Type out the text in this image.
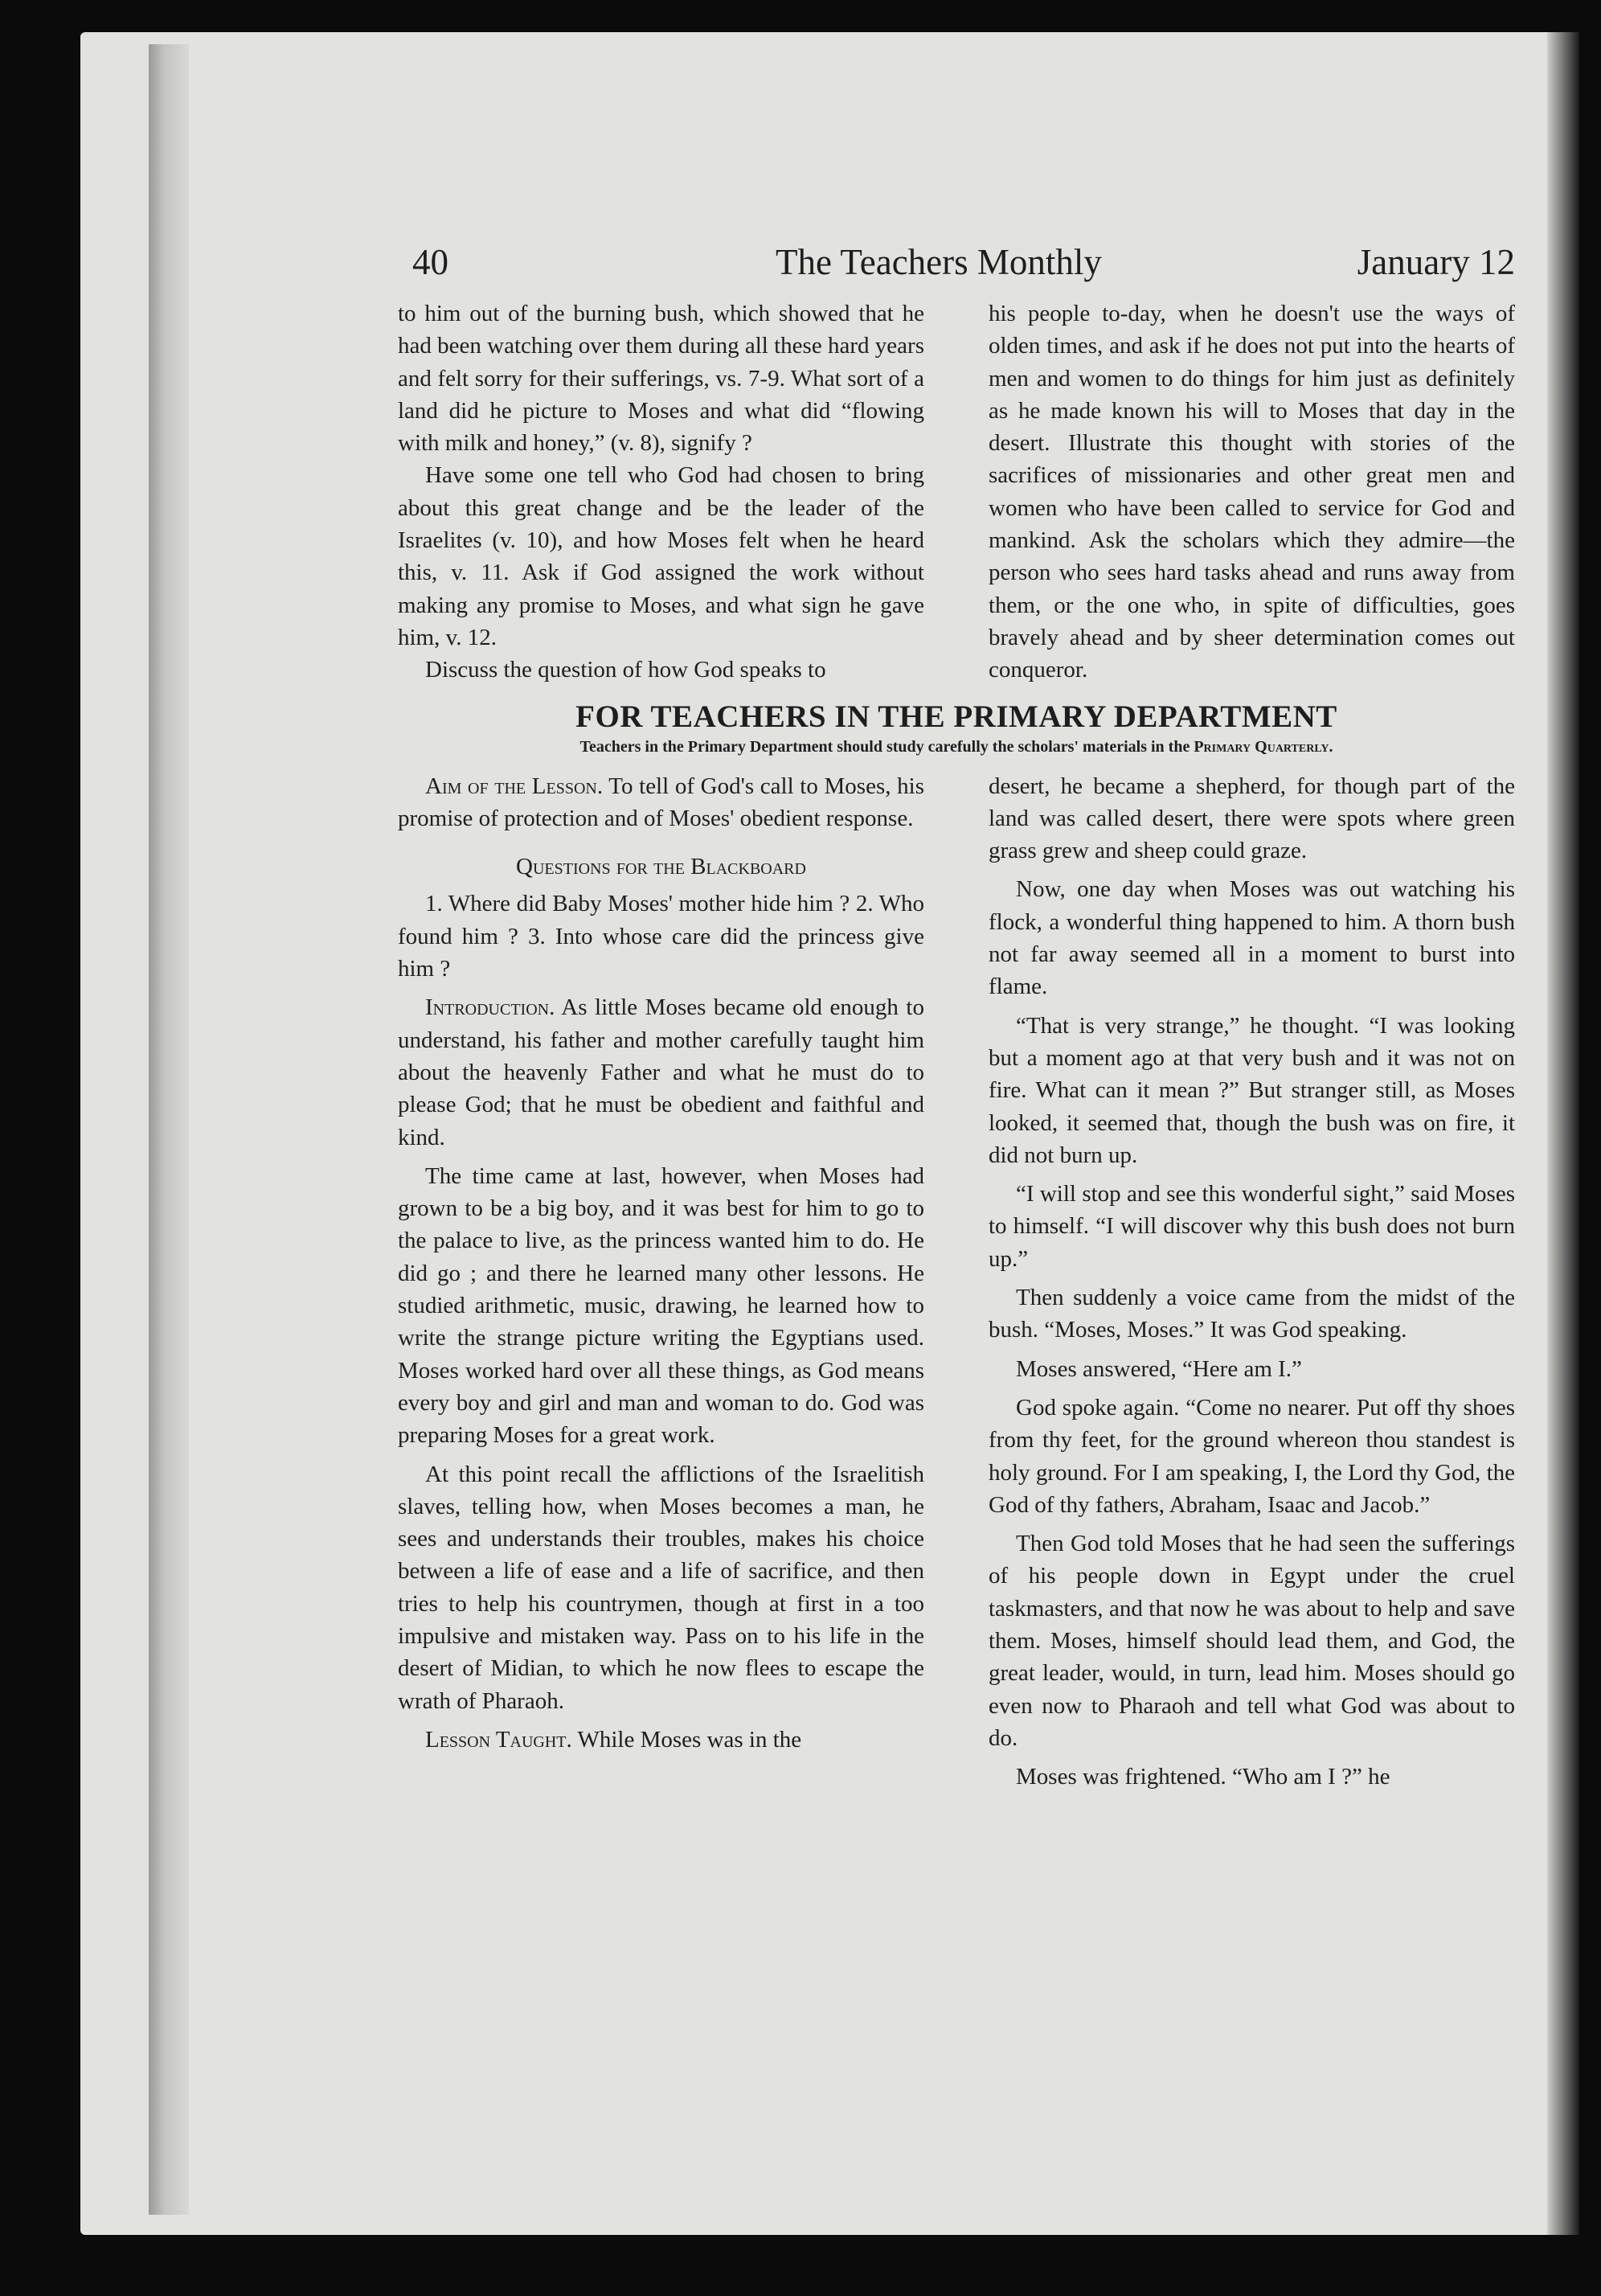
40	The Teachers Monthly	January 12

to him out of the burning bush, which showed that he had been watching over them during all these hard years and felt sorry for their sufferings, vs. 7-9. What sort of a land did he picture to Moses and what did “flowing with milk and honey,” (v. 8), signify ?

Have some one tell who God had chosen to bring about this great change and be the leader of the Israelites (v. 10), and how Moses felt when he heard this, v. 11. Ask if God assigned the work without making any promise to Moses, and what sign he gave him, v. 12.

Discuss the question of how God speaks to

his people to-day, when he doesn't use the ways of olden times, and ask if he does not put into the hearts of men and women to do things for him just as definitely as he made known his will to Moses that day in the desert. Illustrate this thought with stories of the sacrifices of missionaries and other great men and women who have been called to service for God and mankind. Ask the scholars which they admire—the person who sees hard tasks ahead and runs away from them, or the one who, in spite of difficulties, goes bravely ahead and by sheer determination comes out conqueror.

FOR TEACHERS IN THE PRIMARY DEPARTMENT
Teachers in the Primary Department should study carefully the scholars' materials in the Primary Quarterly.

Aim of the Lesson. To tell of God's call to Moses, his promise of protection and of Moses' obedient response.

Questions for the Blackboard

1. Where did Baby Moses' mother hide him ? 2. Who found him ? 3. Into whose care did the princess give him ?

Introduction. As little Moses became old enough to understand, his father and mother carefully taught him about the heavenly Father and what he must do to please God; that he must be obedient and faithful and kind.

The time came at last, however, when Moses had grown to be a big boy, and it was best for him to go to the palace to live, as the princess wanted him to do. He did go ; and there he learned many other lessons. He studied arithmetic, music, drawing, he learned how to write the strange picture writing the Egyptians used. Moses worked hard over all these things, as God means every boy and girl and man and woman to do. God was preparing Moses for a great work.

At this point recall the afflictions of the Israelitish slaves, telling how, when Moses becomes a man, he sees and understands their troubles, makes his choice between a life of ease and a life of sacrifice, and then tries to help his countrymen, though at first in a too impulsive and mistaken way. Pass on to his life in the desert of Midian, to which he now flees to escape the wrath of Pharaoh.

Lesson Taught. While Moses was in the

desert, he became a shepherd, for though part of the land was called desert, there were spots where green grass grew and sheep could graze.

Now, one day when Moses was out watching his flock, a wonderful thing happened to him. A thorn bush not far away seemed all in a moment to burst into flame.

“That is very strange,” he thought. “I was looking but a moment ago at that very bush and it was not on fire. What can it mean ?” But stranger still, as Moses looked, it seemed that, though the bush was on fire, it did not burn up.

“I will stop and see this wonderful sight,” said Moses to himself. “I will discover why this bush does not burn up.”

Then suddenly a voice came from the midst of the bush. “Moses, Moses.” It was God speaking.

Moses answered, “Here am I.”

God spoke again. “Come no nearer. Put off thy shoes from thy feet, for the ground whereon thou standest is holy ground. For I am speaking, I, the Lord thy God, the God of thy fathers, Abraham, Isaac and Jacob.”

Then God told Moses that he had seen the sufferings of his people down in Egypt under the cruel taskmasters, and that now he was about to help and save them. Moses, himself should lead them, and God, the great leader, would, in turn, lead him. Moses should go even now to Pharaoh and tell what God was about to do.

Moses was frightened. “Who am I ?” he
